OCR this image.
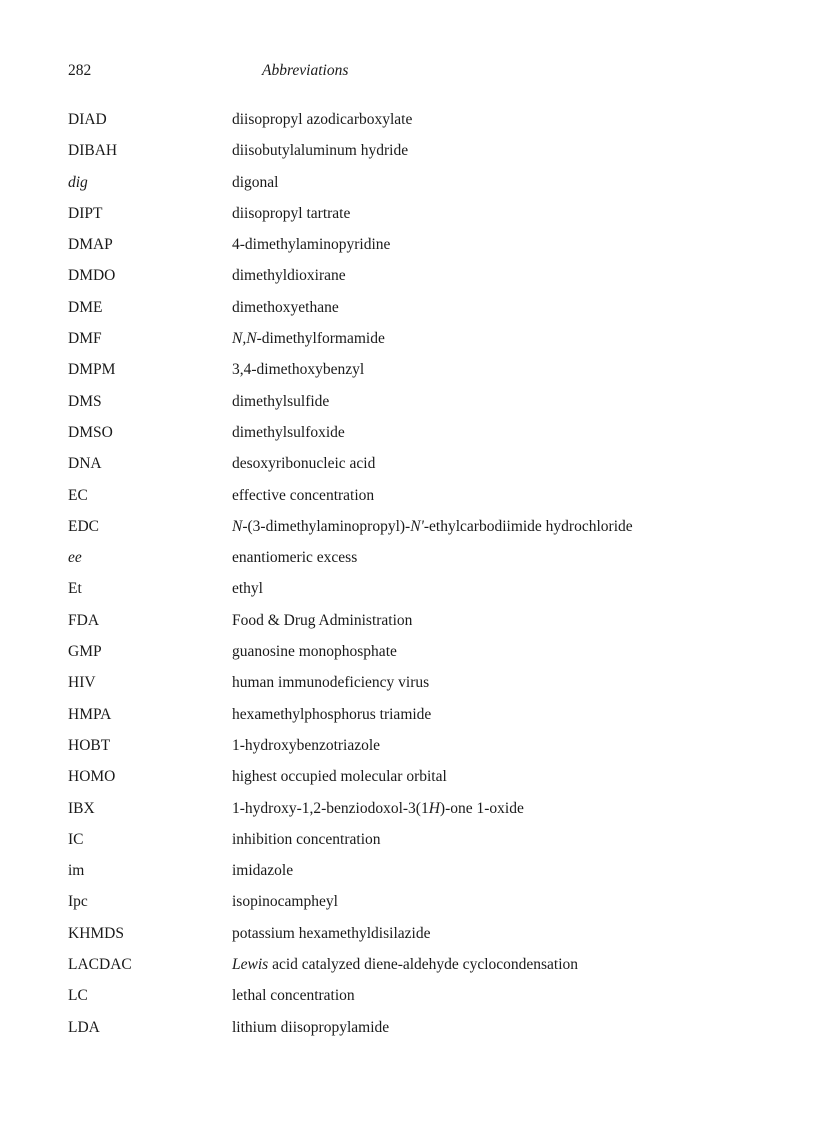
282	Abbreviations
DIAD	diisopropyl azodicarboxylate
DIBAH	diisobutylaluminum hydride
dig	digonal
DIPT	diisopropyl tartrate
DMAP	4-dimethylaminopyridine
DMDO	dimethyldioxirane
DME	dimethoxyethane
DMF	N,N-dimethylformamide
DMPM	3,4-dimethoxybenzyl
DMS	dimethylsulfide
DMSO	dimethylsulfoxide
DNA	desoxyribonucleic acid
EC	effective concentration
EDC	N-(3-dimethylaminopropyl)-N'-ethylcarbodiimide hydrochloride
ee	enantiomeric excess
Et	ethyl
FDA	Food & Drug Administration
GMP	guanosine monophosphate
HIV	human immunodeficiency virus
HMPA	hexamethylphosphorus triamide
HOBT	1-hydroxybenzotriazole
HOMO	highest occupied molecular orbital
IBX	1-hydroxy-1,2-benziodoxol-3(1H)-one 1-oxide
IC	inhibition concentration
im	imidazole
Ipc	isopinocampheyl
KHMDS	potassium hexamethyldisilazide
LACDAC	Lewis acid catalyzed diene-aldehyde cyclocondensation
LC	lethal concentration
LDA	lithium diisopropylamide
